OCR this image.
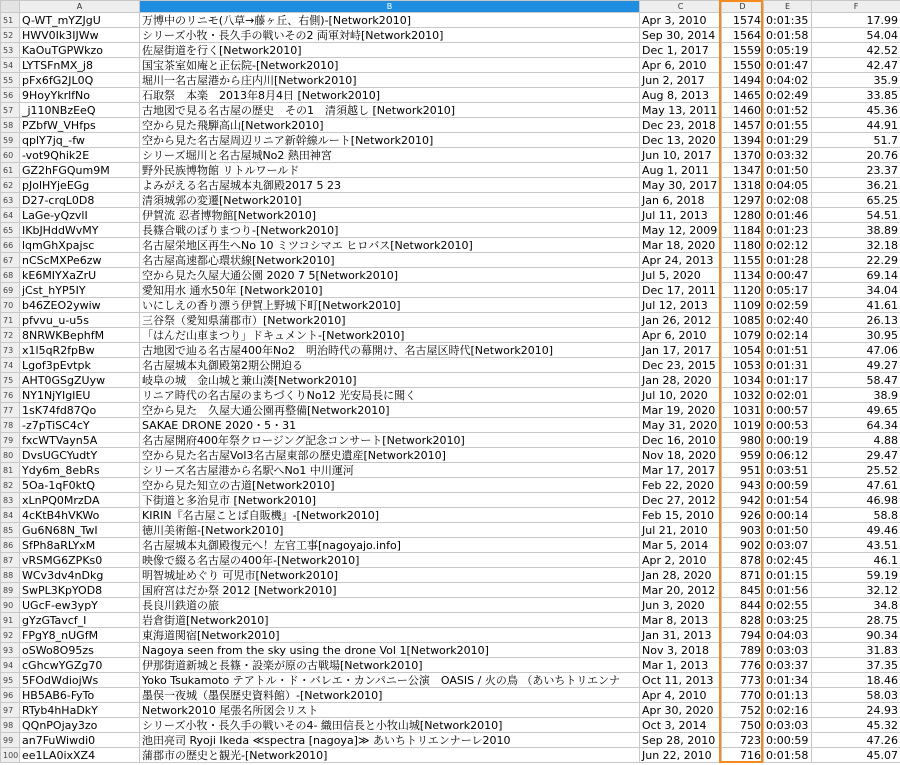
	A	B	C	D	E	F
51	Q-WT_mYZJgU	万博中のリニモ(八草→藤ヶ丘、右側)-[Network2010]	Apr 3, 2010	1574	0:01:35	17.99
52	HWV0Ik3IJWw	シリーズ小牧・長久手の戦いその2 両軍対峙[Network2010]	Sep 30, 2014	1564	0:01:58	54.04
53	KaOuTGPWkzo	佐屋街道を行く[Network2010]	Dec 1, 2017	1559	0:05:19	42.52
54	LYTSFnMX_j8	国宝茶室如庵と正伝院-[Network2010]	Apr 6, 2010	1550	0:01:47	42.47
55	pFx6fG2JL0Q	堀川一名古屋港から庄内川[Network2010]	Jun 2, 2017	1494	0:04:02	35.9
56	9HoyYkrlfNo	石取祭　本楽　2013年8月4日 [Network2010]	Aug 8, 2013	1465	0:02:49	33.85
57	_j110NBzEeQ	古地図で見る名古屋の歴史　その1　清須越し [Network2010]	May 13, 2011	1460	0:01:52	45.36
58	PZbfW_VHfps	空から見た飛騨高山[Network2010]	Dec 23, 2018	1457	0:01:55	44.91
59	qplY7jq_-fw	空から見た名古屋周辺リニア新幹線ルート[Network2010]	Dec 13, 2020	1394	0:01:29	51.7
60	-vot9Qhik2E	シリーズ堀川と名古屋城No2 熱田神宮	Jun 10, 2017	1370	0:03:32	20.76
61	GZ2hFGQum9M	野外民族博物館 リトルワールド	Aug 1, 2011	1347	0:01:50	23.37
62	pJolHYjeEGg	よみがえる名古屋城本丸御殿2017 5 23	May 30, 2017	1318	0:04:05	36.21
63	D27-crqL0D8	清須城郭の変遷[Network2010]	Jan 6, 2018	1297	0:02:08	65.25
64	LaGe-yQzvlI	伊賀流 忍者博物館[Network2010]	Jul 11, 2013	1280	0:01:46	54.51
65	IKbJHddWvMY	長篠合戦のぼりまつり-[Network2010]	May 12, 2009	1184	0:01:23	38.89
66	lqmGhXpajsc	名古屋栄地区再生へNo 10 ミツコシマエ ヒロバス[Network2010]	Mar 18, 2020	1180	0:02:12	32.18
67	nCScMXPe6zw	名古屋高速都心環状線[Network2010]	Apr 24, 2013	1155	0:01:28	22.29
68	kE6MIYXaZrU	空から見た久屋大通公園 2020 7 5[Network2010]	Jul 5, 2020	1134	0:00:47	69.14
69	jCst_hYP5IY	愛知用水 通水50年 [Network2010]	Dec 17, 2011	1120	0:05:17	34.04
70	b46ZEO2ywiw	いにしえの香り漂う伊賀上野城下町[Network2010]	Jul 12, 2013	1109	0:02:59	41.61
71	pfvvu_u-u5s	三谷祭（愛知県蒲郡市）[Network2010]	Jan 26, 2012	1085	0:02:40	26.13
72	8NRWKBephfM	「はんだ山車まつり」ドキュメント-[Network2010]	Apr 6, 2010	1079	0:02:14	30.95
73	x1l5qR2fpBw	古地図で辿る名古屋400年No2　明治時代の幕開け、名古屋区時代[Network2010]	Jan 17, 2017	1054	0:01:51	47.06
74	Lgof3pEvtpk	名古屋城本丸御殿第2期公開迫る	Dec 23, 2015	1053	0:01:31	49.27
75	AHT0GSgZUyw	岐阜の城　金山城と兼山湊[Network2010]	Jan 28, 2020	1034	0:01:17	58.47
76	NY1NjYIgIEU	リニア時代の名古屋のまちづくりNo12 光安局長に聞く	Jul 10, 2020	1032	0:02:01	38.9
77	1sK74fd87Qo	空から見た　久屋大通公園再整備[Network2010]	Mar 19, 2020	1031	0:00:57	49.65
78	-z7pTiSC4cY	SAKAE DRONE 2020・5・31	May 31, 2020	1019	0:00:53	64.34
79	fxcWTVayn5A	名古屋開府400年祭クロージング記念コンサート[Network2010]	Dec 16, 2010	980	0:00:19	4.88
80	DvsUGCYudtY	空から見た名古屋Vol3名古屋東部の歴史遺産[Network2010]	Nov 18, 2020	959	0:06:12	29.47
81	Ydy6m_8ebRs	シリーズ名古屋港から名駅へNo1 中川運河	Mar 17, 2017	951	0:03:51	25.52
82	5Oa-1qF0ktQ	空から見た知立の古道[Network2010]	Feb 22, 2020	943	0:00:59	47.61
83	xLnPQ0MrzDA	下街道と多治見市 [Network2010]	Dec 27, 2012	942	0:01:54	46.98
84	4cKtB4hVKWo	KIRIN『名古屋ことば自販機』-[Network2010]	Feb 15, 2010	926	0:00:14	58.8
85	Gu6N68N_TwI	徳川美術館-[Network2010]	Jul 21, 2010	903	0:01:50	49.46
86	SfPh8aRLYxM	名古屋城本丸御殿復元へ！左官工事[nagoyajo.info]	Mar 5, 2014	902	0:03:07	43.51
87	vRSMG6ZPKs0	映像で綴る名古屋の400年-[Network2010]	Apr 2, 2010	878	0:02:45	46.1
88	WCv3dv4nDkg	明智城址めぐり 可児市[Network2010]	Jan 28, 2020	871	0:01:15	59.19
89	SwPL3KpYOD8	国府宮はだか祭 2012 [Network2010]	Mar 20, 2012	845	0:01:56	32.12
90	UGcF-ew3ypY	長良川鉄道の旅	Jun 3, 2020	844	0:02:55	34.8
91	gYzGTavcf_I	岩倉街道[Network2010]	Mar 8, 2013	828	0:03:25	28.75
92	FPgY8_nUGfM	東海道関宿[Network2010]	Jan 31, 2013	794	0:04:03	90.34
93	oSWo8O95zs	Nagoya seen from the sky using the drone Vol 1[Network2010]	Nov 3, 2018	789	0:03:03	31.83
94	cGhcwYGZg70	伊那街道新城と長篠・設楽が原の古戦場[Network2010]	Mar 1, 2013	776	0:03:37	37.35
95	5FOdWdiojWs	Yoko Tsukamoto テアトル・ド・バレエ・カンパニー公演　OASIS / 火の鳥 （あいちトリエンナ	Oct 11, 2013	773	0:01:34	18.46
96	HB5AB6-FyTo	墨俣一夜城（墨俣歴史資料館）-[Network2010]	Apr 4, 2010	770	0:01:13	58.03
97	RTyb4hHaDkY	Network2010 尾張名所図会リスト	Apr 30, 2020	752	0:02:16	24.93
98	QQnPOjay3zo	シリーズ小牧・長久手の戦いその4- 織田信長と小牧山城[Network2010]	Oct 3, 2014	750	0:03:03	45.32
99	an7FuWiwdi0	池田亮司 Ryoji Ikeda ≪spectra [nagoya]≫ あいちトリエンナーレ2010	Sep 28, 2010	723	0:00:59	47.26
100	ee1LA0ixXZ4	蒲郡市の歴史と観光-[Network2010]	Jun 22, 2010	716	0:01:58	45.07
